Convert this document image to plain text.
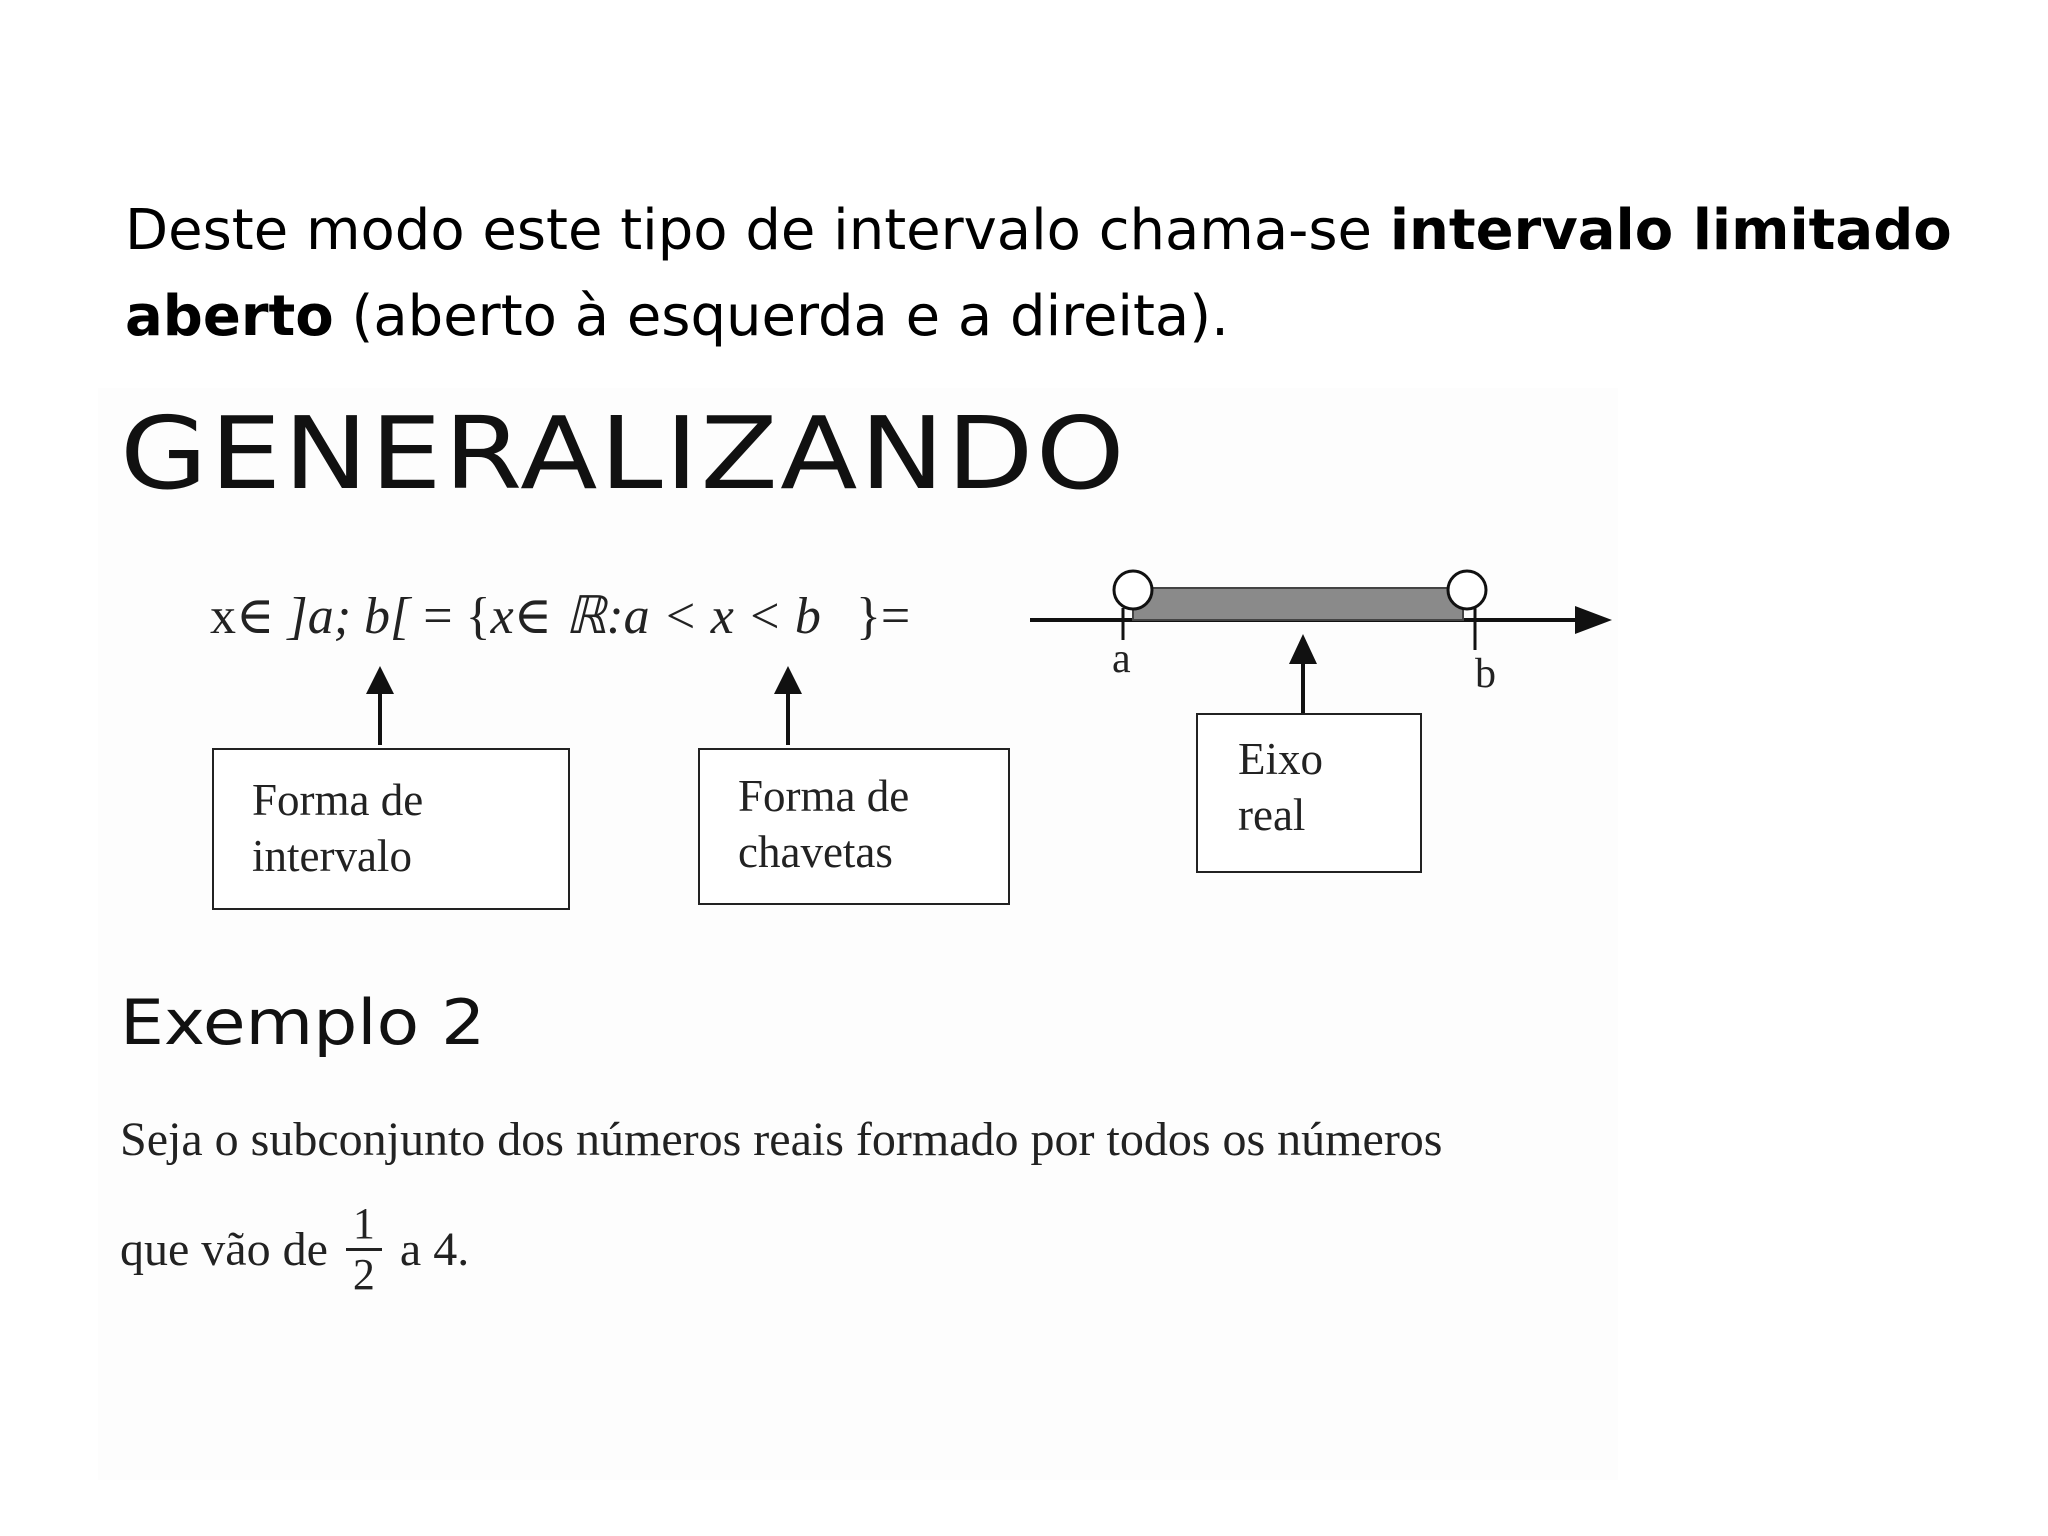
Deste modo este tipo de intervalo chama-se intervalo limitado aberto (aberto à esquerda e a direita).
GENERALIZANDO
x∈ ]a; b[ = {x∈ ℝ:a < x < b }=
a	b
Forma de
intervalo
Forma de
chavetas
Eixo
real
Exemplo 2
Seja o subconjunto dos números reais formado por todos os números
que vão de $\frac{1}{2}$ a 4.
